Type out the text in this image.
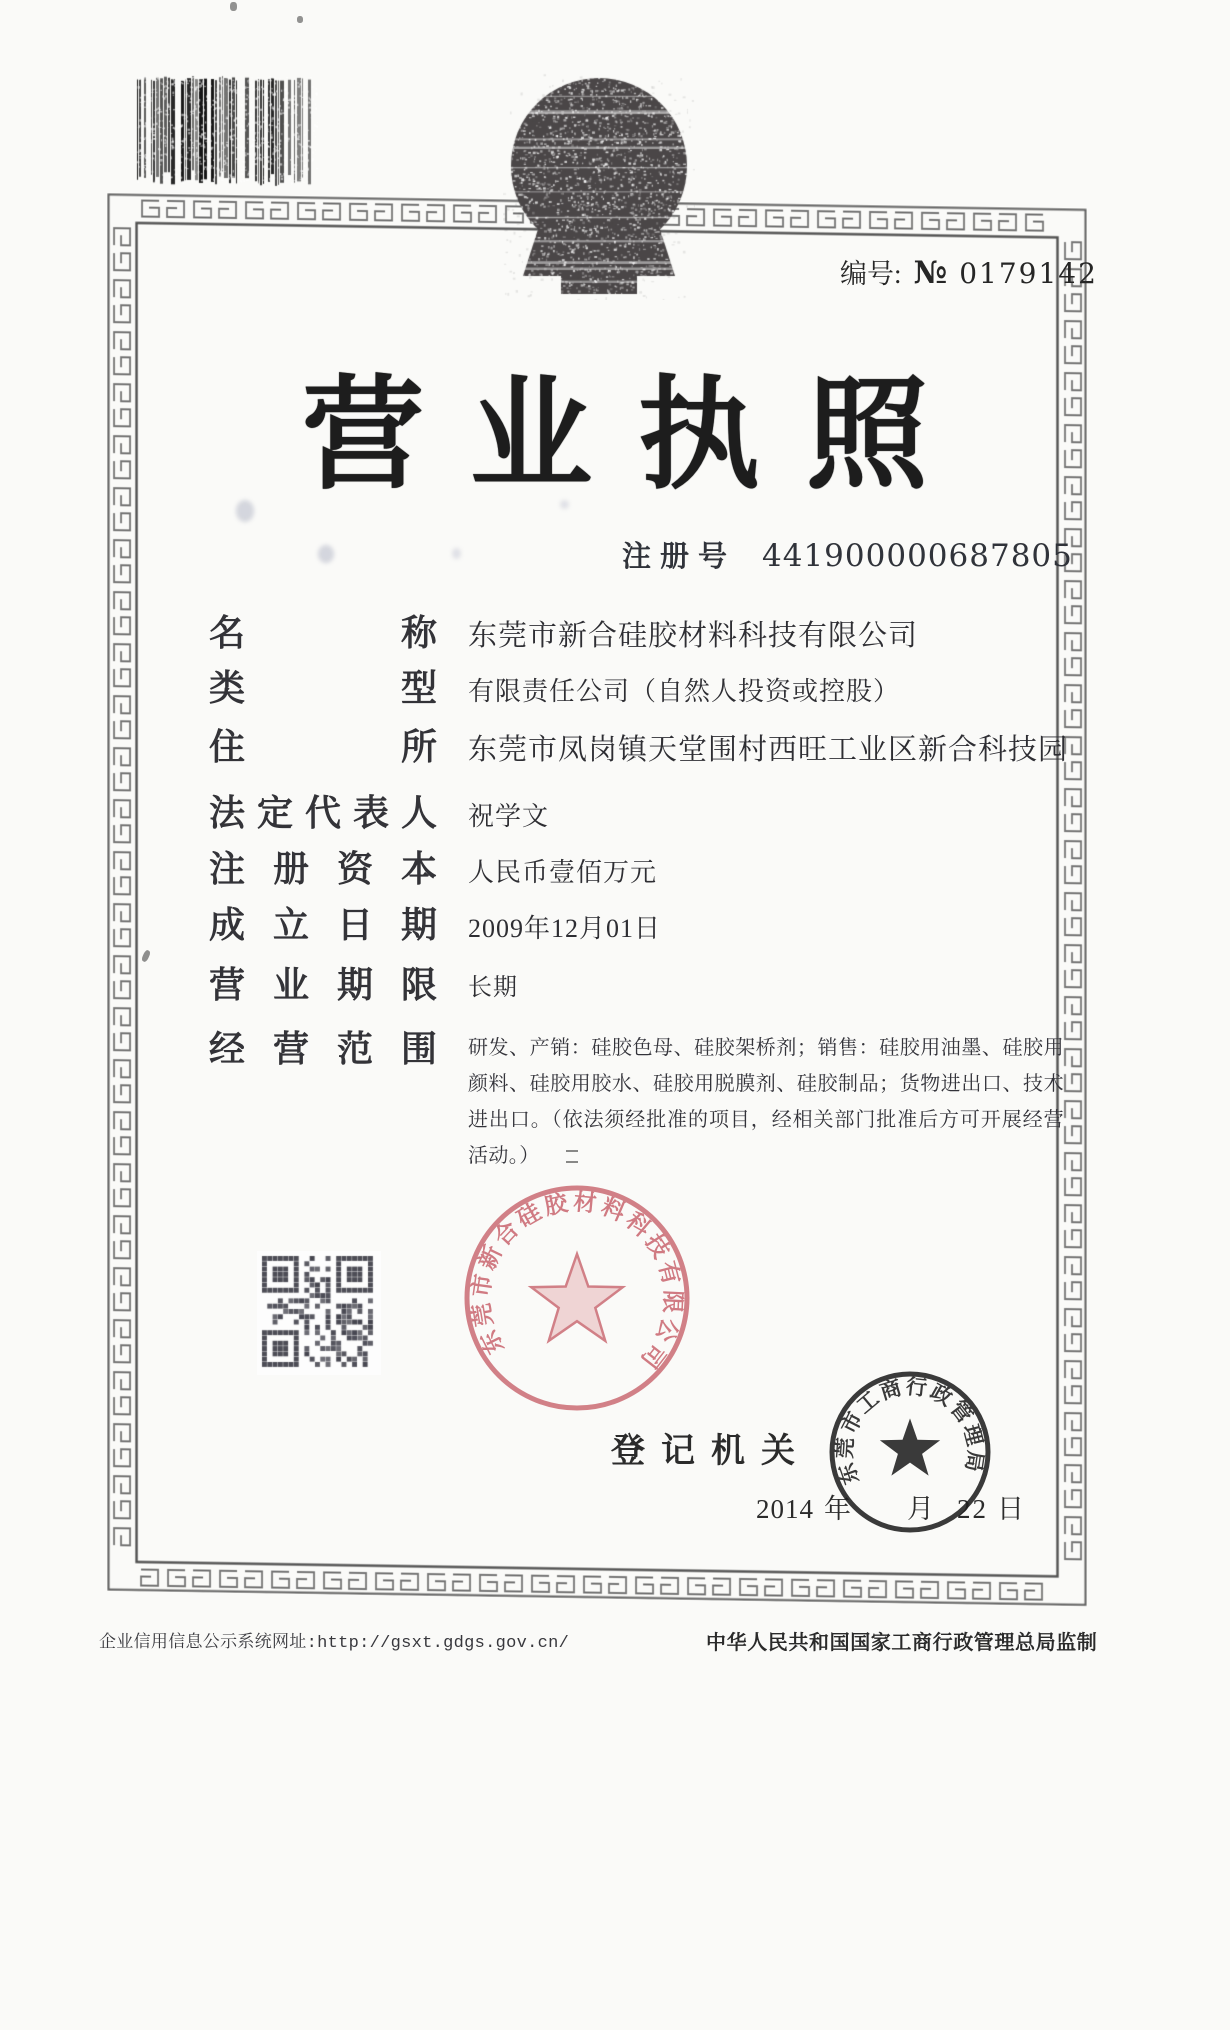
编号: № 0179142
营业执照
注册号 441900000687805
名	称 东莞市新合硅胶材料科技有限公司
类	型 有限责任公司（自然人投资或控股）
住	所 东莞市凤岗镇天堂围村西旺工业区新合科技园
法 定 代 表 人 祝学文
注 册 资 本 人民币壹佰万元
成 立 日 期 2009年12月01日
营 业 期 限 长期
经 营 范 围 研发、产销：硅胶色母、硅胶架桥剂；销售：硅胶用油墨、硅胶用颜料、硅胶用胶水、硅胶用脱膜剂、硅胶制品；货物进出口、技术进出口。（依法须经批准的项目，经相关部门批准后方可开展经营活动。）
登记机关
2014 年 月 22 日
东莞市新合硅胶材料科技有限公司
东莞市工商行政管理局
企业信用信息公示系统网址:http://gsxt.gdgs.gov.cn/	中华人民共和国国家工商行政管理总局监制
